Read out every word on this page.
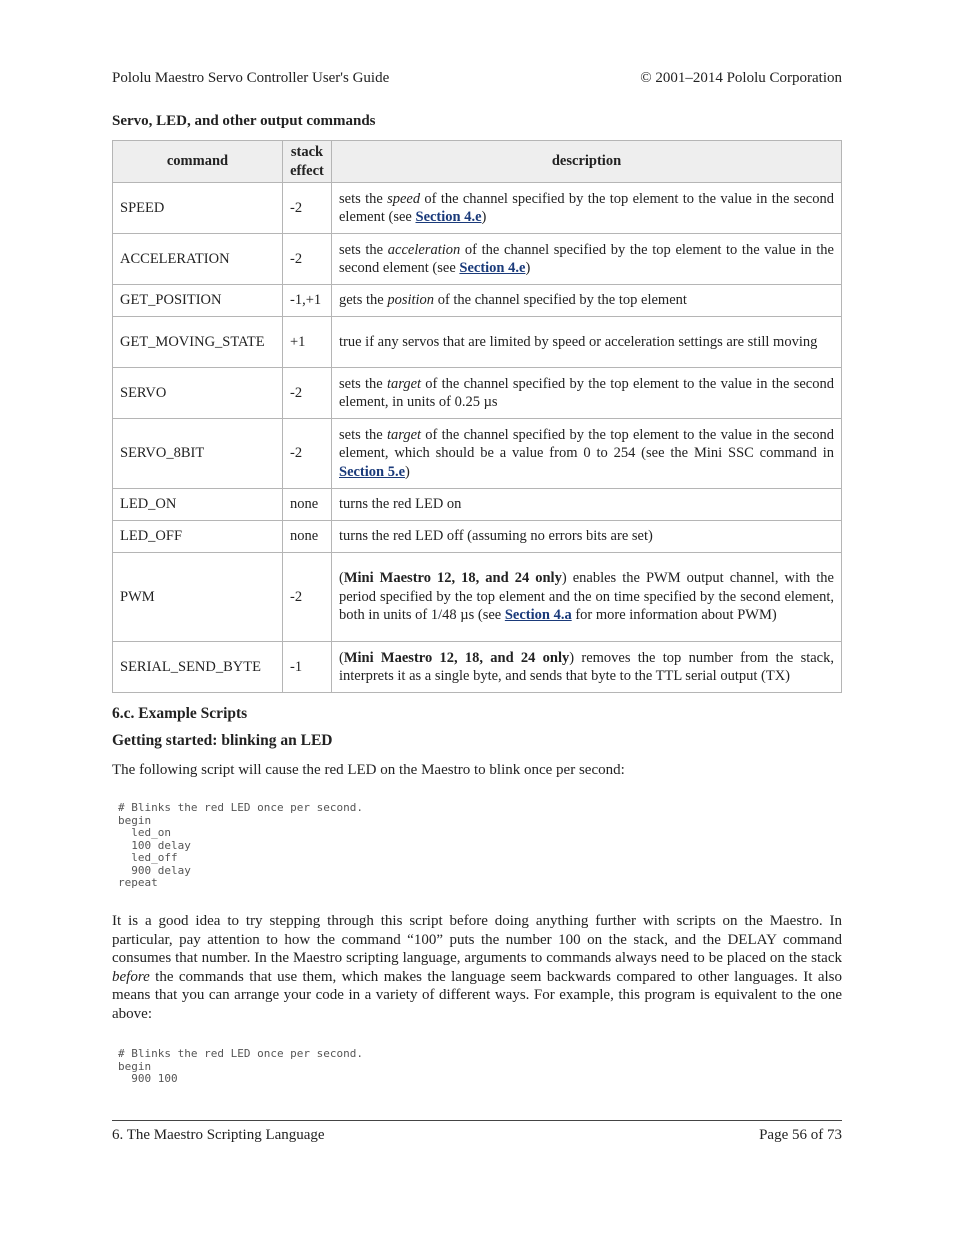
Pololu Maestro Servo Controller User's Guide	© 2001–2014 Pololu Corporation
Servo, LED, and other output commands
command	stack effect	description
SPEED	-2	sets the speed of the channel specified by the top element to the value in the second element (see Section 4.e)
ACCELERATION	-2	sets the acceleration of the channel specified by the top element to the value in the second element (see Section 4.e)
GET_POSITION	-1,+1	gets the position of the channel specified by the top element
GET_MOVING_STATE	+1	true if any servos that are limited by speed or acceleration settings are still moving
SERVO	-2	sets the target of the channel specified by the top element to the value in the second element, in units of 0.25 µs
SERVO_8BIT	-2	sets the target of the channel specified by the top element to the value in the second element, which should be a value from 0 to 254 (see the Mini SSC command in Section 5.e)
LED_ON	none	turns the red LED on
LED_OFF	none	turns the red LED off (assuming no errors bits are set)
PWM	-2	(Mini Maestro 12, 18, and 24 only) enables the PWM output channel, with the period specified by the top element and the on time specified by the second element, both in units of 1/48 µs (see Section 4.a for more information about PWM)
SERIAL_SEND_BYTE	-1	(Mini Maestro 12, 18, and 24 only) removes the top number from the stack, interprets it as a single byte, and sends that byte to the TTL serial output (TX)
6.c. Example Scripts
Getting started: blinking an LED
The following script will cause the red LED on the Maestro to blink once per second:
# Blinks the red LED once per second.
begin
led_on
100 delay
led_off
900 delay
repeat
It is a good idea to try stepping through this script before doing anything further with scripts on the Maestro. In particular, pay attention to how the command “100” puts the number 100 on the stack, and the DELAY command consumes that number. In the Maestro scripting language, arguments to commands always need to be placed on the stack before the commands that use them, which makes the language seem backwards compared to other languages. It also means that you can arrange your code in a variety of different ways. For example, this program is equivalent to the one above:
# Blinks the red LED once per second.
begin
900 100
6. The Maestro Scripting Language	Page 56 of 73
